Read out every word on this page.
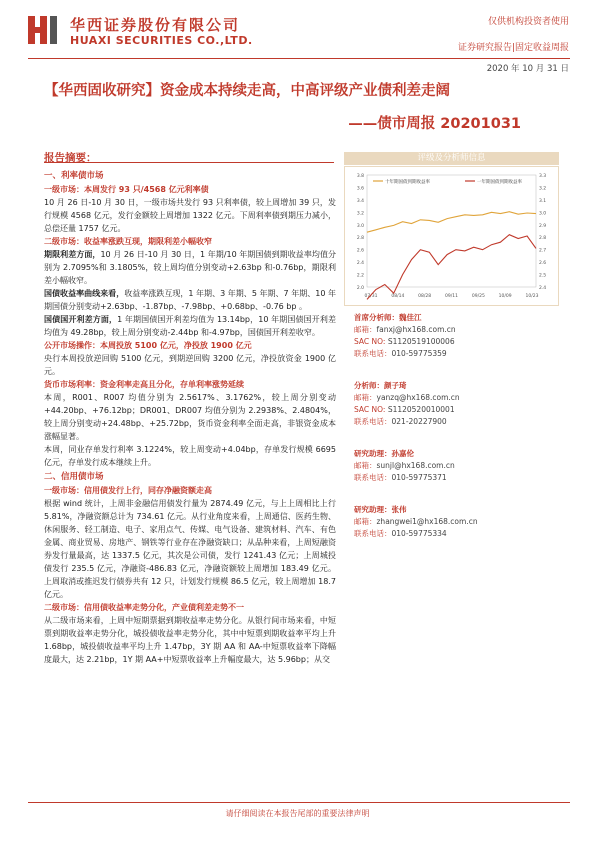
华西证券股份有限公司
HUAXI SECURITIES CO.,LTD.
仅供机构投资者使用
证券研究报告|固定收益周报
2020 年 10 月 31 日
【华西固收研究】资金成本持续走高，中高评级产业债利差走阔
——债市周报 20201031
报告摘要：

一、利率债市场

一级市场：本周发行 93 只/4568 亿元利率债

10 月 26 日-10 月 30 日，一级市场共发行 93 只利率债，较上周增加 39 只，发行规模 4568 亿元，发行金额较上周增加 1322 亿元。下周利率债到期压力减小，总偿还量 1757 亿元。

二级市场：收益率涨跌互现，期限利差小幅收窄

期限利差方面，10 月 26 日-10 月 30 日，1 年期/10 年期国债到期收益率均值分别为 2.7095%和 3.1805%，较上周均值分别变动+2.63bp 和-0.76bp，期限利差小幅收窄。

国债收益率曲线来看，收益率涨跌互现，1 年期、3 年期、5 年期、7 年期、10 年期国债分别变动+2.63bp、-1.87bp、-7.98bp、+0.68bp、-0.76 bp 。

国债国开利差方面，1 年期国债国开利差均值为 13.14bp，10 年期国债国开利差均值为 49.28bp，较上周分别变动-2.44bp 和-4.97bp，国债国开利差收窄。

公开市场操作：本周投放 5100 亿元，净投放 1900 亿元

央行本周投放逆回购 5100 亿元，到期逆回购 3200 亿元，净投放资金 1900 亿元。

货币市场利率：资金利率走高且分化，存单利率涨势延续

本周，R001、R007 均值分别为 2.5617%、3.1762%，较上周分别变动+44.20bp、+76.12bp；DR001、DR007 均值分别为 2.2938%、2.4804%，较上周分别变动+24.48bp、+25.72bp，货币资金利率全面走高，非银资金成本涨幅显著。

本周，同业存单发行利率 3.1224%，较上周变动+4.04bp，存单发行规模 6695 亿元，存单发行成本继续上升。

二、信用债市场

一级市场：信用债发行上行，同存净融资额走高

根据 wind 统计，上周非金融信用债发行量为 2874.49 亿元，与上上周相比上行 5.81%，净融资额总计为 734.61 亿元。从行业角度来看，上周通信、医药生物、休闲服务、轻工制造、电子、家用点气、传媒、电气设备、建筑材料、汽车、有色金属、商业贸易、房地产、钢铁等行业存在净融资缺口；从品种来看，上周短融资券发行量最高，达 1337.5 亿元，其次是公司债，发行 1241.43 亿元；上周城投债发行 235.5 亿元，净融资-486.83 亿元，净融资额较上周增加 183.49 亿元。上周取消或推迟发行债券共有 12 只，计划发行规模 86.5 亿元，较上周增加 18.7 亿元。

二级市场：信用债收益率走势分化，产业债利差走势不一

从二级市场来看，上周中短期票据到期收益率走势分化。从银行间市场来看，中短票到期收益率走势分化，城投债收益率走势分化，其中中短票到期收益率平均上升 1.68bp，城投债收益率平均上升 1.47bp，3Y 期 AA 和 AA-中短票收益率下降幅度最大，达 2.21bp，1Y 期 AA+中短票收益率上升幅度最大，达 5.96bp；从交

评级及分析师信息
2.0
2.2
2.4
2.6
2.8
3.0
3.2
3.4
3.6
3.8
2.4
2.5
2.6
2.7
2.8
2.9
3.0
3.1
3.2
3.3
07/31	08/14	08/28	09/11	09/25	10/09	10/23
十年期国债到期收益率	一年期国债到期收益率
首席分析师：魏佳江
邮箱：fanxj@hx168.com.cn
SAC NO: S1120519100006
联系电话：010-59775359
分析师：颜子琦
邮箱：yanzq@hx168.com.cn
SAC NO: S1120520010001
联系电话：021-20227900
研究助理：孙嘉伦
邮箱：sunjl@hx168.com.cn
联系电话：010-59775371
研究助理：张伟
邮箱：zhangwei1@hx168.com.cn
联系电话：010-59775334
请仔细阅读在本报告尾部的重要法律声明
